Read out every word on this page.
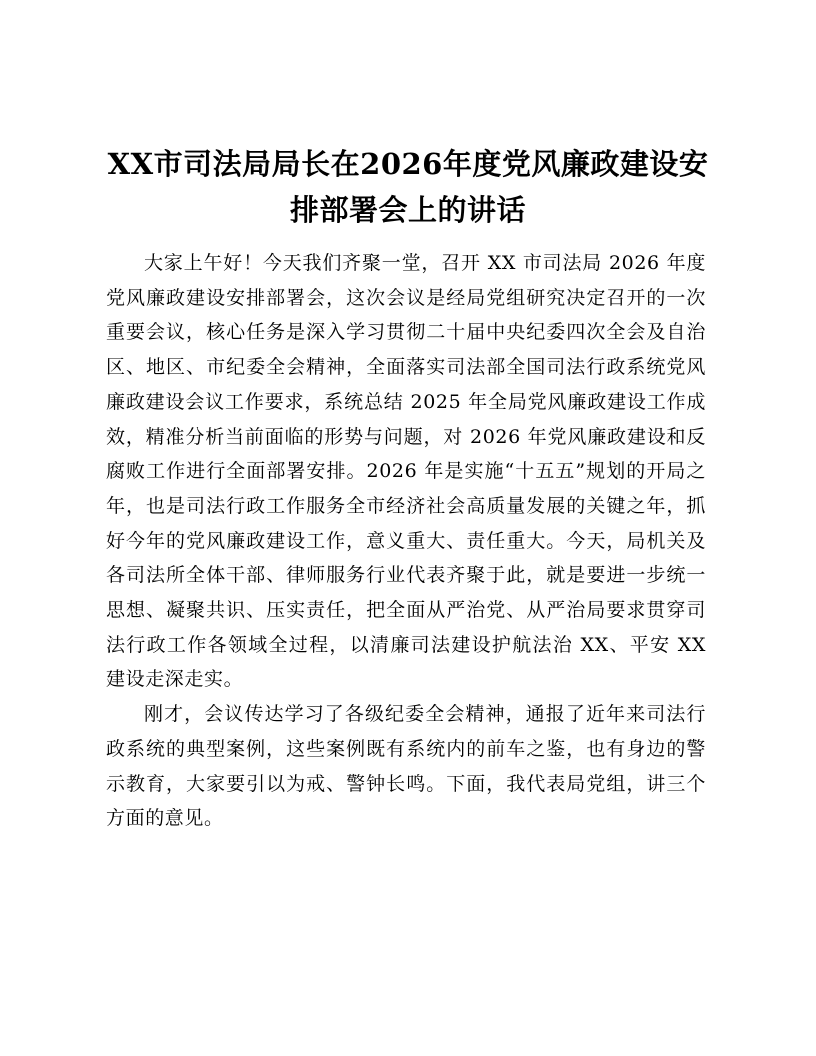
XX市司法局局长在2026年度党风廉政建设安排部署会上的讲话

大家上午好！今天我们齐聚一堂，召开 XX 市司法局 2026 年度党风廉政建设安排部署会，这次会议是经局党组研究决定召开的一次重要会议，核心任务是深入学习贯彻二十届中央纪委四次全会及自治区、地区、市纪委全会精神，全面落实司法部全国司法行政系统党风廉政建设会议工作要求，系统总结 2025 年全局党风廉政建设工作成效，精准分析当前面临的形势与问题，对 2026 年党风廉政建设和反腐败工作进行全面部署安排。2026 年是实施“十五五”规划的开局之年，也是司法行政工作服务全市经济社会高质量发展的关键之年，抓好今年的党风廉政建设工作，意义重大、责任重大。今天，局机关及各司法所全体干部、律师服务行业代表齐聚于此，就是要进一步统一思想、凝聚共识、压实责任，把全面从严治党、从严治局要求贯穿司法行政工作各领域全过程，以清廉司法建设护航法治 XX、平安 XX 建设走深走实。

刚才，会议传达学习了各级纪委全会精神，通报了近年来司法行政系统的典型案例，这些案例既有系统内的前车之鉴，也有身边的警示教育，大家要引以为戒、警钟长鸣。下面，我代表局党组，讲三个方面的意见。
